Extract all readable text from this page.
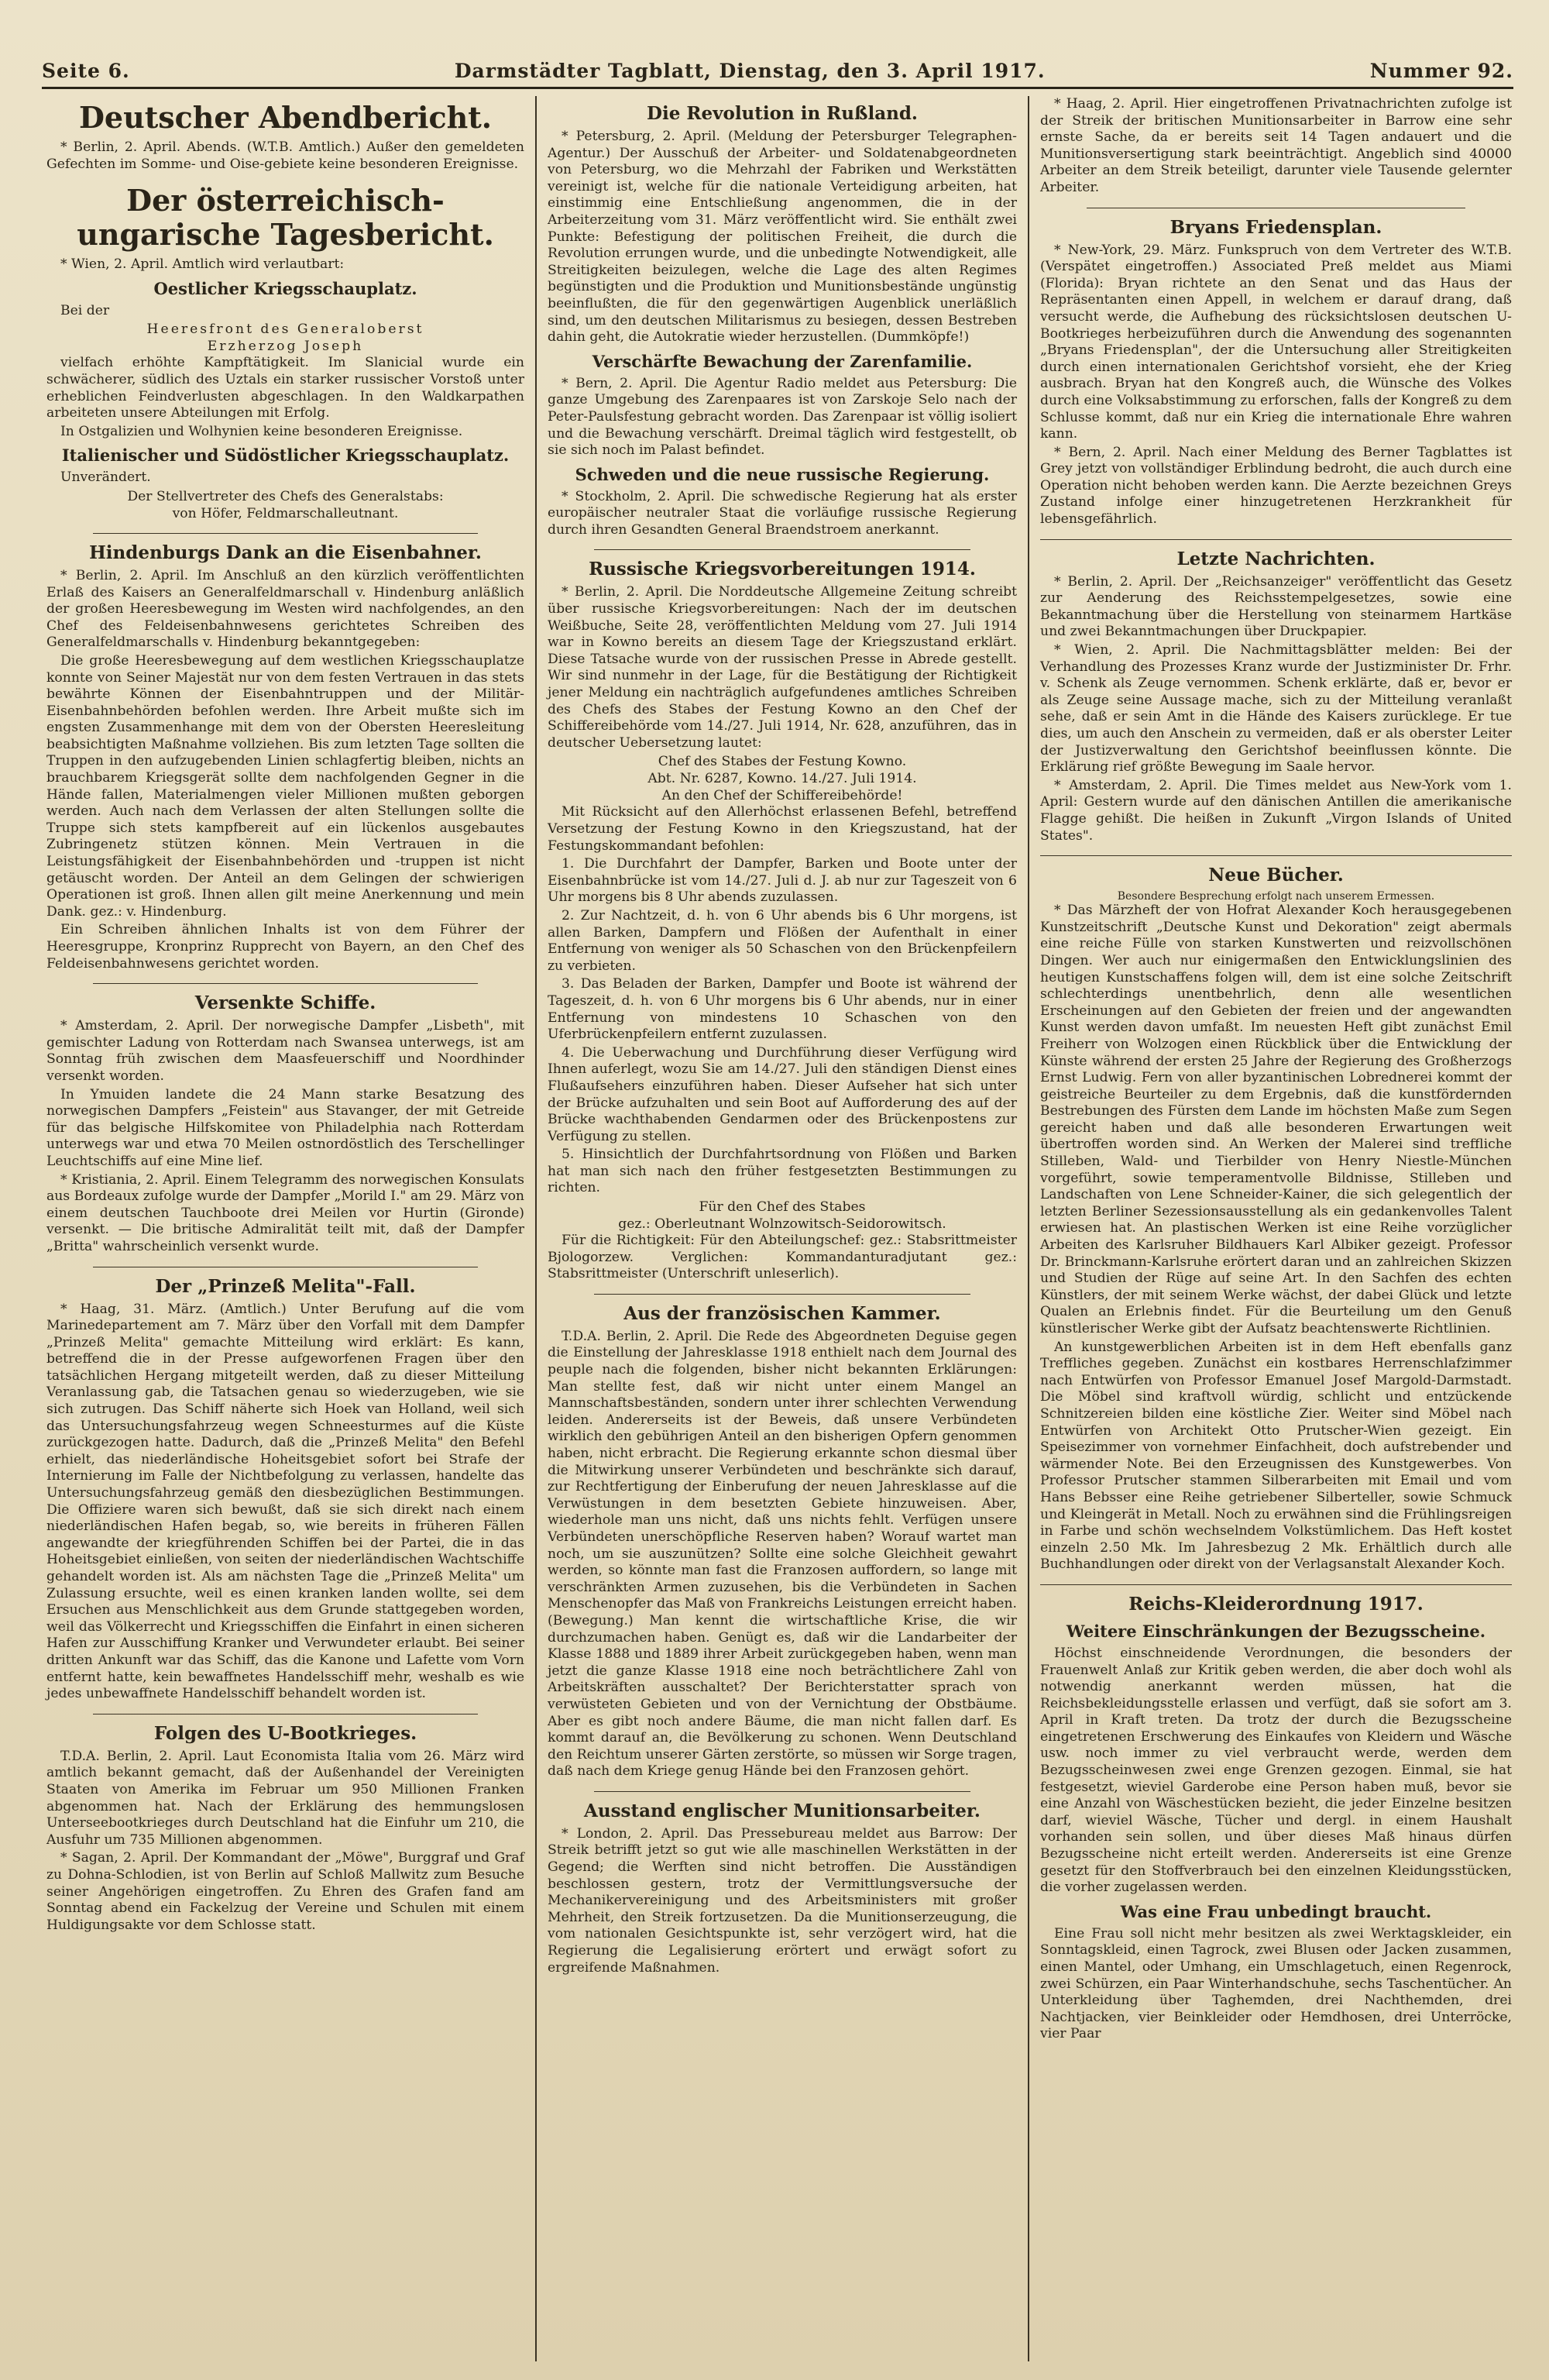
Seite 6.	Darmstädter Tagblatt, Dienstag, den 3. April 1917.	Nummer 92.
Deutscher Abendbericht.

* Berlin, 2. April. Abends. (W.T.B. Amtlich.) Außer den gemeldeten Gefechten im Somme- und Oise-gebiete keine besonderen Ereignisse.

Der österreichisch-ungarische Tagesbericht.

* Wien, 2. April. Amtlich wird verlautbart:

Oestlicher Kriegsschauplatz.

Bei der

Heeresfront des Generaloberst
Erzherzog Joseph

vielfach erhöhte Kampftätigkeit. Im Slanicial wurde ein schwächerer, südlich des Uztals ein starker russischer Vorstoß unter erheblichen Feindverlusten abgeschlagen. In den Waldkarpathen arbeiteten unsere Abteilungen mit Erfolg.

In Ostgalizien und Wolhynien keine besonderen Ereignisse.

Italienischer und Südöstlicher Kriegsschauplatz.

Unverändert.

Der Stellvertreter des Chefs des Generalstabs:
von Höfer, Feldmarschalleutnant.
Hindenburgs Dank an die Eisenbahner.

* Berlin, 2. April. Im Anschluß an den kürzlich veröffentlichten Erlaß des Kaisers an Generalfeldmarschall v. Hindenburg anläßlich der großen Heeresbewegung im Westen wird nachfolgendes, an den Chef des Feldeisenbahnwesens gerichtetes Schreiben des Generalfeldmarschalls v. Hindenburg bekanntgegeben:

Die große Heeresbewegung auf dem westlichen Kriegsschauplatze konnte von Seiner Majestät nur von dem festen Vertrauen in das stets bewährte Können der Eisenbahntruppen und der Militär-Eisenbahnbehörden befohlen werden. Ihre Arbeit mußte sich im engsten Zusammenhange mit dem von der Obersten Heeresleitung beabsichtigten Maßnahme vollziehen. Bis zum letzten Tage sollten die Truppen in den aufzugebenden Linien schlagfertig bleiben, nichts an brauchbarem Kriegsgerät sollte dem nachfolgenden Gegner in die Hände fallen, Materialmengen vieler Millionen mußten geborgen werden. Auch nach dem Verlassen der alten Stellungen sollte die Truppe sich stets kampfbereit auf ein lückenlos ausgebautes Zubringenetz stützen können. Mein Vertrauen in die Leistungsfähigkeit der Eisenbahnbehörden und -truppen ist nicht getäuscht worden. Der Anteil an dem Gelingen der schwierigen Operationen ist groß. Ihnen allen gilt meine Anerkennung und mein Dank. gez.: v. Hindenburg.

Ein Schreiben ähnlichen Inhalts ist von dem Führer der Heeresgruppe, Kronprinz Rupprecht von Bayern, an den Chef des Feldeisenbahnwesens gerichtet worden.

Versenkte Schiffe.

* Amsterdam, 2. April. Der norwegische Dampfer „Lisbeth", mit gemischter Ladung von Rotterdam nach Swansea unterwegs, ist am Sonntag früh zwischen dem Maasfeuerschiff und Noordhinder versenkt worden.

In Ymuiden landete die 24 Mann starke Besatzung des norwegischen Dampfers „Feistein" aus Stavanger, der mit Getreide für das belgische Hilfskomitee von Philadelphia nach Rotterdam unterwegs war und etwa 70 Meilen ostnordöstlich des Terschellinger Leuchtschiffs auf eine Mine lief.

* Kristiania, 2. April. Einem Telegramm des norwegischen Konsulats aus Bordeaux zufolge wurde der Dampfer „Morild I." am 29. März von einem deutschen Tauchboote drei Meilen vor Hurtin (Gironde) versenkt. — Die britische Admiralität teilt mit, daß der Dampfer „Britta" wahrscheinlich versenkt wurde.

Der „Prinzeß Melita"-Fall.

* Haag, 31. März. (Amtlich.) Unter Berufung auf die vom Marinedepartement am 7. März über den Vorfall mit dem Dampfer „Prinzeß Melita" gemachte Mitteilung wird erklärt: Es kann, betreffend die in der Presse aufgeworfenen Fragen über den tatsächlichen Hergang mitgeteilt werden, daß zu dieser Mitteilung Veranlassung gab, die Tatsachen genau so wiederzugeben, wie sie sich zutrugen. Das Schiff näherte sich Hoek van Holland, weil sich das Untersuchungsfahrzeug wegen Schneesturmes auf die Küste zurückgezogen hatte. Dadurch, daß die „Prinzeß Melita" den Befehl erhielt, das niederländische Hoheitsgebiet sofort bei Strafe der Internierung im Falle der Nichtbefolgung zu verlassen, handelte das Untersuchungsfahrzeug gemäß den diesbezüglichen Bestimmungen. Die Offiziere waren sich bewußt, daß sie sich direkt nach einem niederländischen Hafen begab, so, wie bereits in früheren Fällen angewandte der kriegführenden Schiffen bei der Partei, die in das Hoheitsgebiet einließen, von seiten der niederländischen Wachtschiffe gehandelt worden ist. Als am nächsten Tage die „Prinzeß Melita" um Zulassung ersuchte, weil es einen kranken landen wollte, sei dem Ersuchen aus Menschlichkeit aus dem Grunde stattgegeben worden, weil das Völkerrecht und Kriegsschiffen die Einfahrt in einen sicheren Hafen zur Ausschiffung Kranker und Verwundeter erlaubt. Bei seiner dritten Ankunft war das Schiff, das die Kanone und Lafette vom Vorn entfernt hatte, kein bewaffnetes Handelsschiff mehr, weshalb es wie jedes unbewaffnete Handelsschiff behandelt worden ist.

Folgen des U-Bootkrieges.

T.D.A. Berlin, 2. April. Laut Economista Italia vom 26. März wird amtlich bekannt gemacht, daß der Außenhandel der Vereinigten Staaten von Amerika im Februar um 950 Millionen Franken abgenommen hat. Nach der Erklärung des hemmungslosen Unterseebootkrieges durch Deutschland hat die Einfuhr um 210, die Ausfuhr um 735 Millionen abgenommen.

* Sagan, 2. April. Der Kommandant der „Möwe", Burggraf und Graf zu Dohna-Schlodien, ist von Berlin auf Schloß Mallwitz zum Besuche seiner Angehörigen eingetroffen. Zu Ehren des Grafen fand am Sonntag abend ein Fackelzug der Vereine und Schulen mit einem Huldigungsakte vor dem Schlosse statt.

Die Revolution in Rußland.

* Petersburg, 2. April. (Meldung der Petersburger Telegraphen-Agentur.) Der Ausschuß der Arbeiter- und Soldatenabgeordneten von Petersburg, wo die Mehrzahl der Fabriken und Werkstätten vereinigt ist, welche für die nationale Verteidigung arbeiten, hat einstimmig eine Entschließung angenommen, die in der Arbeiterzeitung vom 31. März veröffentlicht wird. Sie enthält zwei Punkte: Befestigung der politischen Freiheit, die durch die Revolution errungen wurde, und die unbedingte Notwendigkeit, alle Streitigkeiten beizulegen, welche die Lage des alten Regimes begünstigten und die Produktion und Munitionsbestände ungünstig beeinflußten, die für den gegenwärtigen Augenblick unerläßlich sind, um den deutschen Militarismus zu besiegen, dessen Bestreben dahin geht, die Autokratie wieder herzustellen. (Dummköpfe!)

Verschärfte Bewachung der Zarenfamilie.

* Bern, 2. April. Die Agentur Radio meldet aus Petersburg: Die ganze Umgebung des Zarenpaares ist von Zarskoje Selo nach der Peter-Paulsfestung gebracht worden. Das Zarenpaar ist völlig isoliert und die Bewachung verschärft. Dreimal täglich wird festgestellt, ob sie sich noch im Palast befindet.

Schweden und die neue russische Regierung.

* Stockholm, 2. April. Die schwedische Regierung hat als erster europäischer neutraler Staat die vorläufige russische Regierung durch ihren Gesandten General Braendstroem anerkannt.

Russische Kriegsvorbereitungen 1914.

* Berlin, 2. April. Die Norddeutsche Allgemeine Zeitung schreibt über russische Kriegsvorbereitungen: Nach der im deutschen Weißbuche, Seite 28, veröffentlichten Meldung vom 27. Juli 1914 war in Kowno bereits an diesem Tage der Kriegszustand erklärt. Diese Tatsache wurde von der russischen Presse in Abrede gestellt. Wir sind nunmehr in der Lage, für die Bestätigung der Richtigkeit jener Meldung ein nachträglich aufgefundenes amtliches Schreiben des Chefs des Stabes der Festung Kowno an den Chef der Schiffereibehörde vom 14./27. Juli 1914, Nr. 628, anzuführen, das in deutscher Uebersetzung lautet:

Chef des Stabes der Festung Kowno.
Abt. Nr. 6287, Kowno. 14./27. Juli 1914.
An den Chef der Schiffereibehörde!

Mit Rücksicht auf den Allerhöchst erlassenen Befehl, betreffend Versetzung der Festung Kowno in den Kriegszustand, hat der Festungskommandant befohlen:

1. Die Durchfahrt der Dampfer, Barken und Boote unter der Eisenbahnbrücke ist vom 14./27. Juli d. J. ab nur zur Tageszeit von 6 Uhr morgens bis 8 Uhr abends zuzulassen.

2. Zur Nachtzeit, d. h. von 6 Uhr abends bis 6 Uhr morgens, ist allen Barken, Dampfern und Flößen der Aufenthalt in einer Entfernung von weniger als 50 Schaschen von den Brückenpfeilern zu verbieten.

3. Das Beladen der Barken, Dampfer und Boote ist während der Tageszeit, d. h. von 6 Uhr morgens bis 6 Uhr abends, nur in einer Entfernung von mindestens 10 Schaschen von den Uferbrückenpfeilern entfernt zuzulassen.

4. Die Ueberwachung und Durchführung dieser Verfügung wird Ihnen auferlegt, wozu Sie am 14./27. Juli den ständigen Dienst eines Flußaufsehers einzuführen haben. Dieser Aufseher hat sich unter der Brücke aufzuhalten und sein Boot auf Aufforderung des auf der Brücke wachthabenden Gendarmen oder des Brückenpostens zur Verfügung zu stellen.

5. Hinsichtlich der Durchfahrtsordnung von Flößen und Barken hat man sich nach den früher festgesetzten Bestimmungen zu richten.

Für den Chef des Stabes
gez.: Oberleutnant Wolnzowitsch-Seidorowitsch.

Für die Richtigkeit: Für den Abteilungschef: gez.: Stabsrittmeister Bjologorzew. Verglichen: Kommandanturadjutant gez.: Stabsrittmeister (Unterschrift unleserlich).

Aus der französischen Kammer.

T.D.A. Berlin, 2. April. Die Rede des Abgeordneten Deguise gegen die Einstellung der Jahresklasse 1918 enthielt nach dem Journal des peuple nach die folgenden, bisher nicht bekannten Erklärungen: Man stellte fest, daß wir nicht unter einem Mangel an Mannschaftsbeständen, sondern unter ihrer schlechten Verwendung leiden. Andererseits ist der Beweis, daß unsere Verbündeten wirklich den gebührigen Anteil an den bisherigen Opfern genommen haben, nicht erbracht. Die Regierung erkannte schon diesmal über die Mitwirkung unserer Verbündeten und beschränkte sich darauf, zur Rechtfertigung der Einberufung der neuen Jahresklasse auf die Verwüstungen in dem besetzten Gebiete hinzuweisen. Aber, wiederhole man uns nicht, daß uns nichts fehlt. Verfügen unsere Verbündeten unerschöpfliche Reserven haben? Worauf wartet man noch, um sie auszunützen? Sollte eine solche Gleichheit gewahrt werden, so könnte man fast die Franzosen auffordern, so lange mit verschränkten Armen zuzusehen, bis die Verbündeten in Sachen Menschenopfer das Maß von Frankreichs Leistungen erreicht haben. (Bewegung.) Man kennt die wirtschaftliche Krise, die wir durchzumachen haben. Genügt es, daß wir die Landarbeiter der Klasse 1888 und 1889 ihrer Arbeit zurückgegeben haben, wenn man jetzt die ganze Klasse 1918 eine noch beträchtlichere Zahl von Arbeitskräften ausschaltet? Der Berichterstatter sprach von verwüsteten Gebieten und von der Vernichtung der Obstbäume. Aber es gibt noch andere Bäume, die man nicht fallen darf. Es kommt darauf an, die Bevölkerung zu schonen. Wenn Deutschland den Reichtum unserer Gärten zerstörte, so müssen wir Sorge tragen, daß nach dem Kriege genug Hände bei den Franzosen gehört.

Ausstand englischer Munitionsarbeiter.

* London, 2. April. Das Pressebureau meldet aus Barrow: Der Streik betrifft jetzt so gut wie alle maschinellen Werkstätten in der Gegend; die Werften sind nicht betroffen. Die Ausständigen beschlossen gestern, trotz der Vermittlungsversuche der Mechanikervereinigung und des Arbeitsministers mit großer Mehrheit, den Streik fortzusetzen. Da die Munitionserzeugung, die vom nationalen Gesichtspunkte ist, sehr verzögert wird, hat die Regierung die Legalisierung erörtert und erwägt sofort zu ergreifende Maßnahmen.

* Haag, 2. April. Hier eingetroffenen Privatnachrichten zufolge ist der Streik der britischen Munitionsarbeiter in Barrow eine sehr ernste Sache, da er bereits seit 14 Tagen andauert und die Munitionsversertigung stark beeinträchtigt. Angeblich sind 40000 Arbeiter an dem Streik beteiligt, darunter viele Tausende gelernter Arbeiter.

Bryans Friedensplan.

* New-York, 29. März. Funkspruch von dem Vertreter des W.T.B. (Verspätet eingetroffen.) Associated Preß meldet aus Miami (Florida): Bryan richtete an den Senat und das Haus der Repräsentanten einen Appell, in welchem er darauf drang, daß versucht werde, die Aufhebung des rücksichtslosen deutschen U-Bootkrieges herbeizuführen durch die Anwendung des sogenannten „Bryans Friedensplan", der die Untersuchung aller Streitigkeiten durch einen internationalen Gerichtshof vorsieht, ehe der Krieg ausbrach. Bryan hat den Kongreß auch, die Wünsche des Volkes durch eine Volksabstimmung zu erforschen, falls der Kongreß zu dem Schlusse kommt, daß nur ein Krieg die internationale Ehre wahren kann.

* Bern, 2. April. Nach einer Meldung des Berner Tagblattes ist Grey jetzt von vollständiger Erblindung bedroht, die auch durch eine Operation nicht behoben werden kann. Die Aerzte bezeichnen Greys Zustand infolge einer hinzugetretenen Herzkrankheit für lebensgefährlich.

Letzte Nachrichten.

* Berlin, 2. April. Der „Reichsanzeiger" veröffentlicht das Gesetz zur Aenderung des Reichsstempelgesetzes, sowie eine Bekanntmachung über die Herstellung von steinarmem Hartkäse und zwei Bekanntmachungen über Druckpapier.

* Wien, 2. April. Die Nachmittagsblätter melden: Bei der Verhandlung des Prozesses Kranz wurde der Justizminister Dr. Frhr. v. Schenk als Zeuge vernommen. Schenk erklärte, daß er, bevor er als Zeuge seine Aussage mache, sich zu der Mitteilung veranlaßt sehe, daß er sein Amt in die Hände des Kaisers zurücklege. Er tue dies, um auch den Anschein zu vermeiden, daß er als oberster Leiter der Justizverwaltung den Gerichtshof beeinflussen könnte. Die Erklärung rief größte Bewegung im Saale hervor.

* Amsterdam, 2. April. Die Times meldet aus New-York vom 1. April: Gestern wurde auf den dänischen Antillen die amerikanische Flagge gehißt. Die heißen in Zukunft „Virgon Islands of United States".

Neue Bücher.
Besondere Besprechung erfolgt nach unserem Ermessen.

* Das Märzheft der von Hofrat Alexander Koch herausgegebenen Kunstzeitschrift „Deutsche Kunst und Dekoration" zeigt abermals eine reiche Fülle von starken Kunstwerten und reizvollschönen Dingen. Wer auch nur einigermaßen den Entwicklungslinien des heutigen Kunstschaffens folgen will, dem ist eine solche Zeitschrift schlechterdings unentbehrlich, denn alle wesentlichen Erscheinungen auf den Gebieten der freien und der angewandten Kunst werden davon umfaßt. Im neuesten Heft gibt zunächst Emil Freiherr von Wolzogen einen Rückblick über die Entwicklung der Künste während der ersten 25 Jahre der Regierung des Großherzogs Ernst Ludwig. Fern von aller byzantinischen Lobrednerei kommt der geistreiche Beurteiler zu dem Ergebnis, daß die kunstfördernden Bestrebungen des Fürsten dem Lande im höchsten Maße zum Segen gereicht haben und daß alle besonderen Erwartungen weit übertroffen worden sind. An Werken der Malerei sind treffliche Stilleben, Wald- und Tierbilder von Henry Niestle-München vorgeführt, sowie temperamentvolle Bildnisse, Stilleben und Landschaften von Lene Schneider-Kainer, die sich gelegentlich der letzten Berliner Sezessionsausstellung als ein gedankenvolles Talent erwiesen hat. An plastischen Werken ist eine Reihe vorzüglicher Arbeiten des Karlsruher Bildhauers Karl Albiker gezeigt. Professor Dr. Brinckmann-Karlsruhe erörtert daran und an zahlreichen Skizzen und Studien der Rüge auf seine Art. In den Sachfen des echten Künstlers, der mit seinem Werke wächst, der dabei Glück und letzte Qualen an Erlebnis findet. Für die Beurteilung um den Genuß künstlerischer Werke gibt der Aufsatz beachtenswerte Richtlinien.

An kunstgewerblichen Arbeiten ist in dem Heft ebenfalls ganz Treffliches gegeben. Zunächst ein kostbares Herrenschlafzimmer nach Entwürfen von Professor Emanuel Josef Margold-Darmstadt. Die Möbel sind kraftvoll würdig, schlicht und entzückende Schnitzereien bilden eine köstliche Zier. Weiter sind Möbel nach Entwürfen von Architekt Otto Prutscher-Wien gezeigt. Ein Speisezimmer von vornehmer Einfachheit, doch aufstrebender und wärmender Note. Bei den Erzeugnissen des Kunstgewerbes. Von Professor Prutscher stammen Silberarbeiten mit Email und vom Hans Bebsser eine Reihe getriebener Silberteller, sowie Schmuck und Kleingerät in Metall. Noch zu erwähnen sind die Frühlingsreigen in Farbe und schön wechselndem Volkstümlichem. Das Heft kostet einzeln 2.50 Mk. Im Jahresbezug 2 Mk. Erhältlich durch alle Buchhandlungen oder direkt von der Verlagsanstalt Alexander Koch.

Reichs-Kleiderordnung 1917.
Weitere Einschränkungen der Bezugsscheine.

Höchst einschneidende Verordnungen, die besonders der Frauenwelt Anlaß zur Kritik geben werden, die aber doch wohl als notwendig anerkannt werden müssen, hat die Reichsbekleidungsstelle erlassen und verfügt, daß sie sofort am 3. April in Kraft treten. Da trotz der durch die Bezugsscheine eingetretenen Erschwerung des Einkaufes von Kleidern und Wäsche usw. noch immer zu viel verbraucht werde, werden dem Bezugsscheinwesen zwei enge Grenzen gezogen. Einmal, sie hat festgesetzt, wieviel Garderobe eine Person haben muß, bevor sie eine Anzahl von Wäschestücken bezieht, die jeder Einzelne besitzen darf, wieviel Wäsche, Tücher und dergl. in einem Haushalt vorhanden sein sollen, und über dieses Maß hinaus dürfen Bezugsscheine nicht erteilt werden. Andererseits ist eine Grenze gesetzt für den Stoffverbrauch bei den einzelnen Kleidungsstücken, die vorher zugelassen werden.

Was eine Frau unbedingt braucht.

Eine Frau soll nicht mehr besitzen als zwei Werktagskleider, ein Sonntagskleid, einen Tagrock, zwei Blusen oder Jacken zusammen, einen Mantel, oder Umhang, ein Umschlagetuch, einen Regenrock, zwei Schürzen, ein Paar Winterhandschuhe, sechs Taschentücher. An Unterkleidung über Taghemden, drei Nachthemden, drei Nachtjacken, vier Beinkleider oder Hemdhosen, drei Unterröcke, vier Paar
